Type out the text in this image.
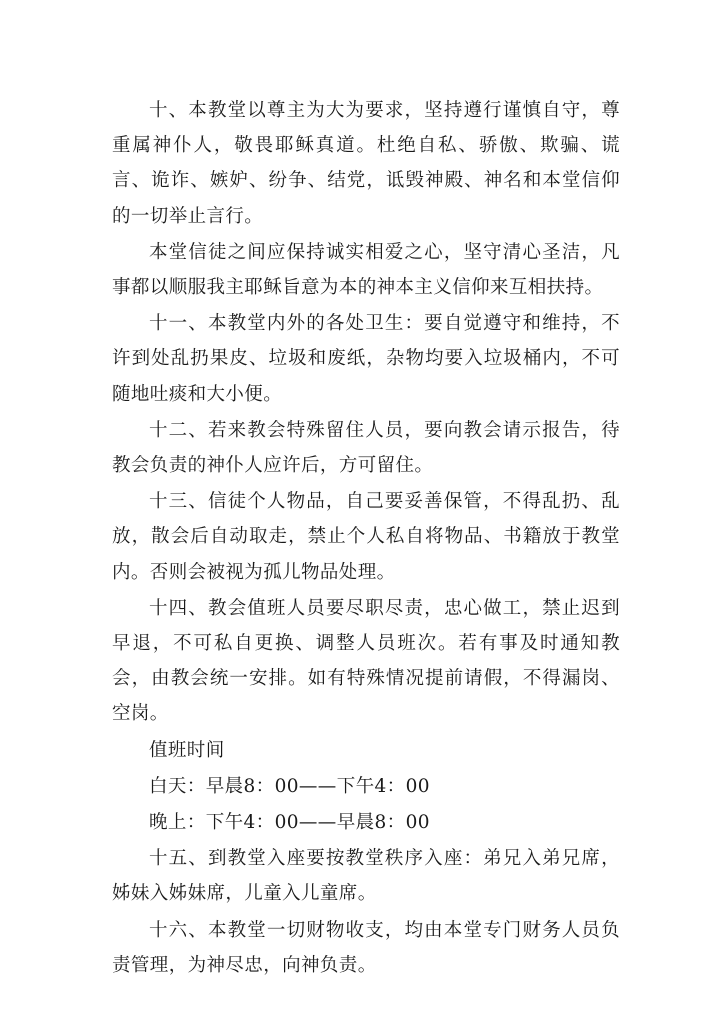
十、本教堂以尊主为大为要求，坚持遵行谨慎自守，尊重属神仆人，敬畏耶稣真道。杜绝自私、骄傲、欺骗、谎言、诡诈、嫉妒、纷争、结党，诋毁神殿、神名和本堂信仰的一切举止言行。

本堂信徒之间应保持诚实相爱之心，坚守清心圣洁，凡事都以顺服我主耶稣旨意为本的神本主义信仰来互相扶持。

十一、本教堂内外的各处卫生：要自觉遵守和维持，不许到处乱扔果皮、垃圾和废纸，杂物均要入垃圾桶内，不可随地吐痰和大小便。

十二、若来教会特殊留住人员，要向教会请示报告，待教会负责的神仆人应许后，方可留住。

十三、信徒个人物品，自己要妥善保管，不得乱扔、乱放，散会后自动取走，禁止个人私自将物品、书籍放于教堂内。否则会被视为孤儿物品处理。

十四、教会值班人员要尽职尽责，忠心做工，禁止迟到早退，不可私自更换、调整人员班次。若有事及时通知教会，由教会统一安排。如有特殊情况提前请假，不得漏岗、空岗。

值班时间

白天：早晨8：00——下午4：00

晚上：下午4：00——早晨8：00

十五、到教堂入座要按教堂秩序入座：弟兄入弟兄席，姊妹入姊妹席，儿童入儿童席。

十六、本教堂一切财物收支，均由本堂专门财务人员负责管理，为神尽忠，向神负责。
